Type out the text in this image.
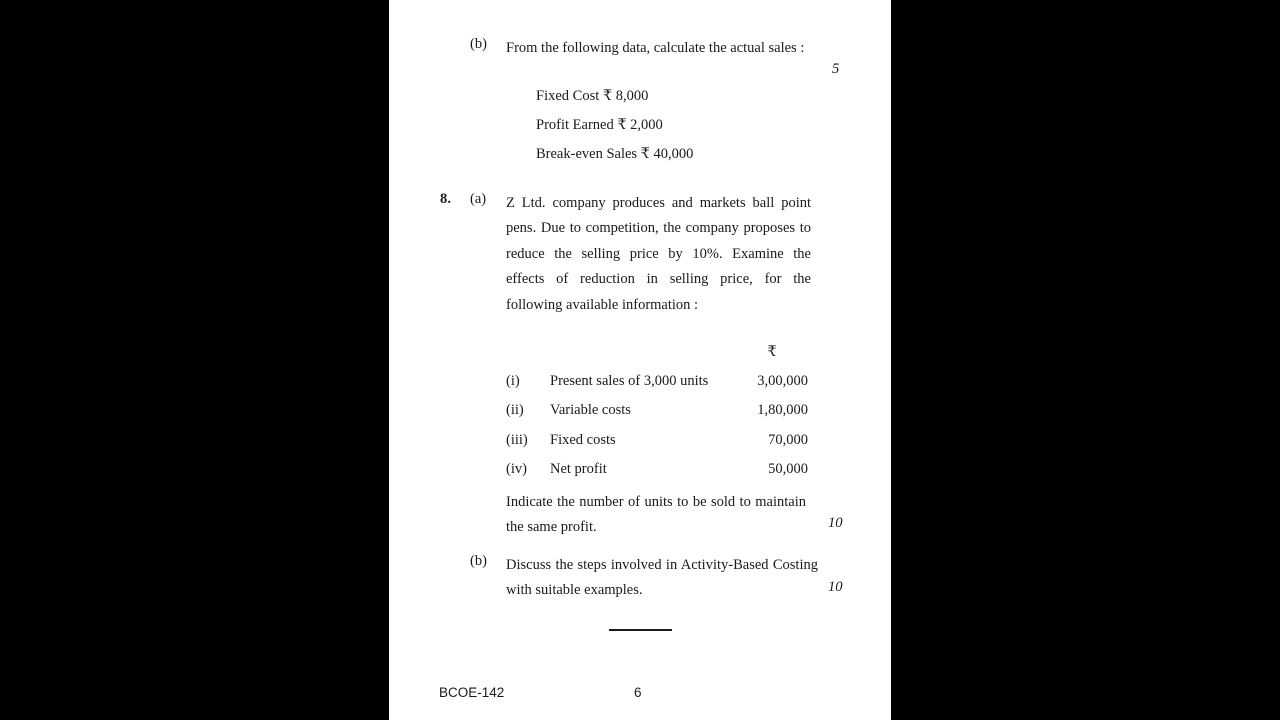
(b) From the following data, calculate the actual sales :
5
Fixed Cost ₹ 8,000
Profit Earned ₹ 2,000
Break-even Sales ₹ 40,000
8. (a) Z Ltd. company produces and markets ball point pens. Due to competition, the company proposes to reduce the selling price by 10%. Examine the effects of reduction in selling price, for the following available information :
₹
(i) Present sales of 3,000 units	3,00,000
(ii) Variable costs	1,80,000
(iii) Fixed costs	70,000
(iv) Net profit	50,000
Indicate the number of units to be sold to maintain the same profit.	10
(b) Discuss the steps involved in Activity-Based Costing with suitable examples.	10
BCOE-142	6
